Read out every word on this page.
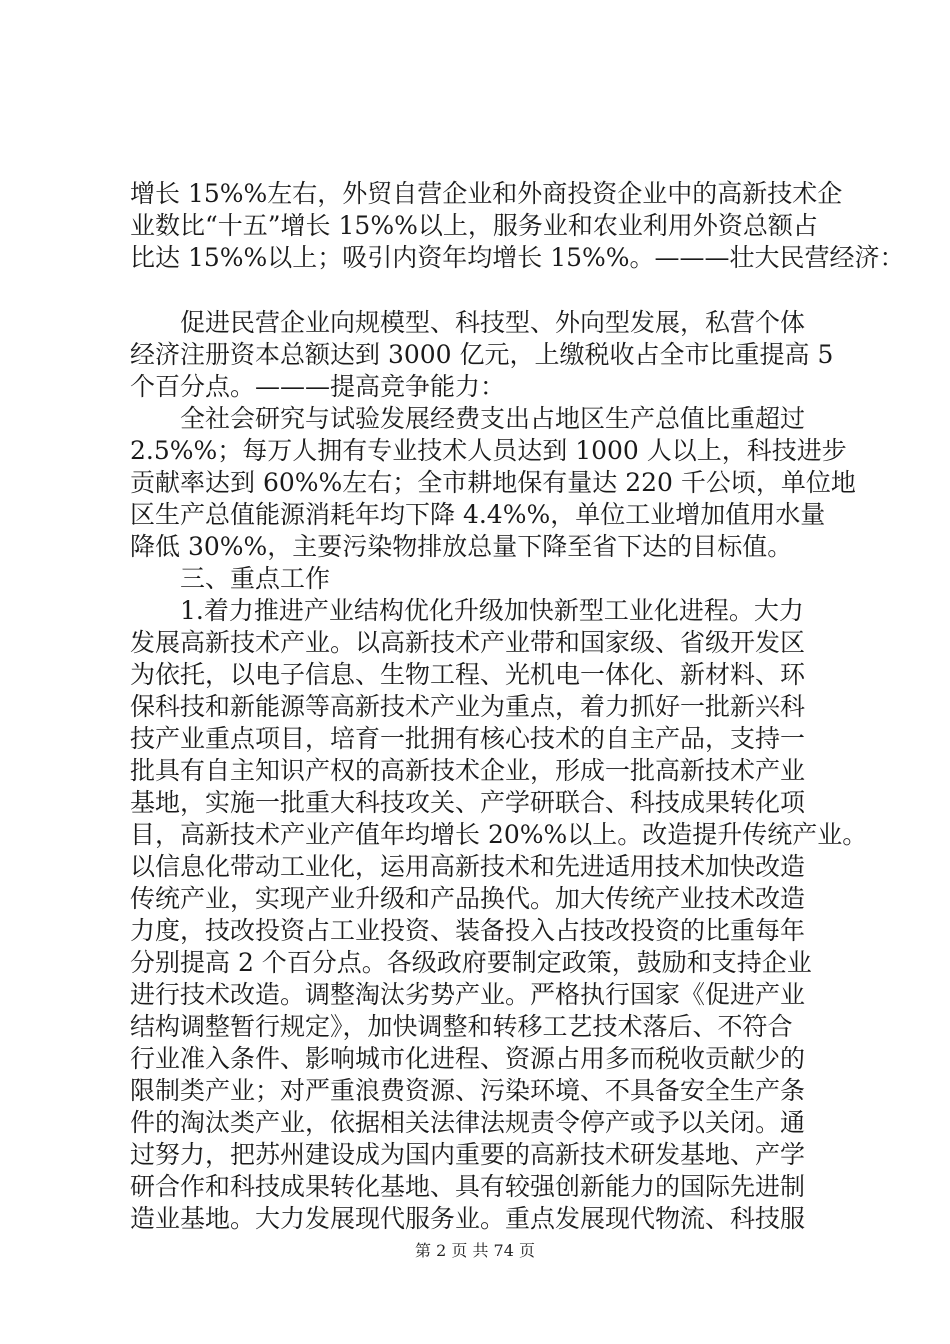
增长 15%%左右，外贸自营企业和外商投资企业中的高新技术企
业数比“十五”增长 15%%以上，服务业和农业利用外资总额占
比达 15%%以上；吸引内资年均增长 15%%。———壮大民营经济：
促进民营企业向规模型、科技型、外向型发展，私营个体
经济注册资本总额达到 3000 亿元，上缴税收占全市比重提高 5
个百分点。———提高竞争能力：
全社会研究与试验发展经费支出占地区生产总值比重超过
2.5%%；每万人拥有专业技术人员达到 1000 人以上，科技进步
贡献率达到 60%%左右；全市耕地保有量达 220 千公顷，单位地
区生产总值能源消耗年均下降 4.4%%，单位工业增加值用水量
降低 30%%，主要污染物排放总量下降至省下达的目标值。
三、重点工作
1.着力推进产业结构优化升级加快新型工业化进程。大力
发展高新技术产业。以高新技术产业带和国家级、省级开发区
为依托，以电子信息、生物工程、光机电一体化、新材料、环
保科技和新能源等高新技术产业为重点，着力抓好一批新兴科
技产业重点项目，培育一批拥有核心技术的自主产品，支持一
批具有自主知识产权的高新技术企业，形成一批高新技术产业
基地，实施一批重大科技攻关、产学研联合、科技成果转化项
目，高新技术产业产值年均增长 20%%以上。改造提升传统产业。
以信息化带动工业化，运用高新技术和先进适用技术加快改造
传统产业，实现产业升级和产品换代。加大传统产业技术改造
力度，技改投资占工业投资、装备投入占技改投资的比重每年
分别提高 2 个百分点。各级政府要制定政策，鼓励和支持企业
进行技术改造。调整淘汰劣势产业。严格执行国家《促进产业
结构调整暂行规定》，加快调整和转移工艺技术落后、不符合
行业准入条件、影响城市化进程、资源占用多而税收贡献少的
限制类产业；对严重浪费资源、污染环境、不具备安全生产条
件的淘汰类产业，依据相关法律法规责令停产或予以关闭。通
过努力，把苏州建设成为国内重要的高新技术研发基地、产学
研合作和科技成果转化基地、具有较强创新能力的国际先进制
造业基地。大力发展现代服务业。重点发展现代物流、科技服
第 2 页 共 74 页
